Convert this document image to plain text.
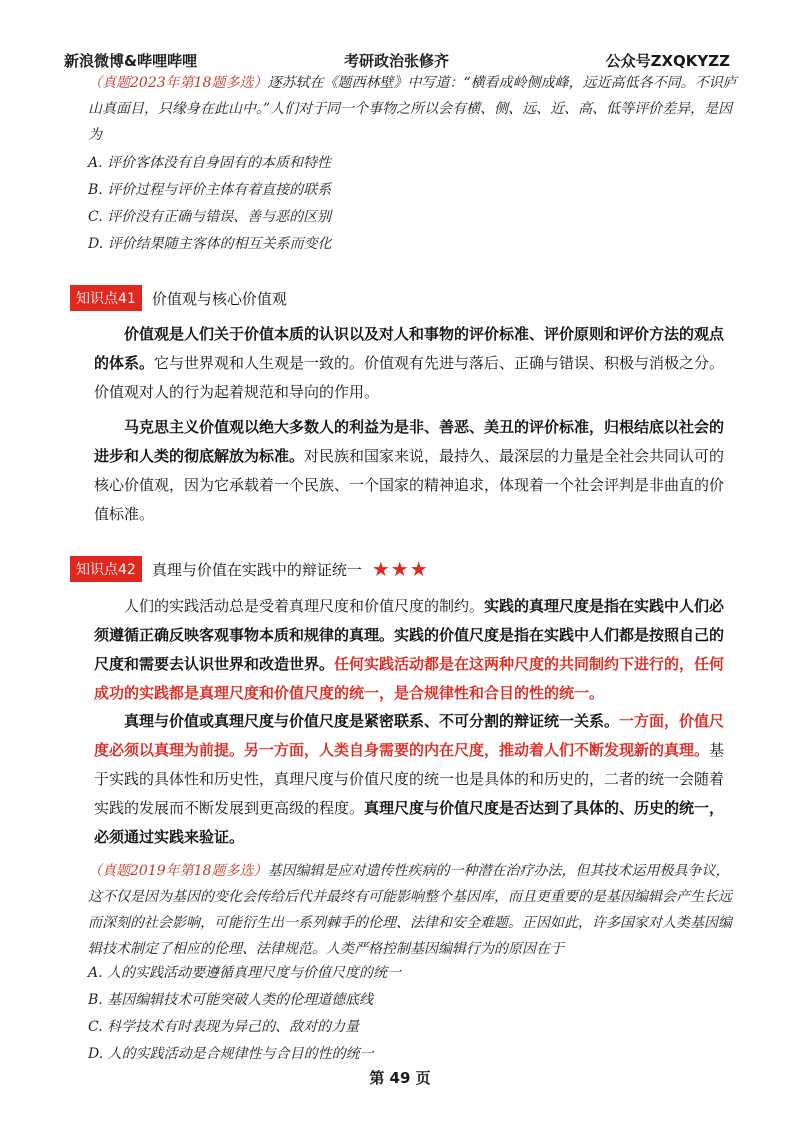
新浪微博&哔哩哔哩	考研政治张修齐	公众号ZXQKYZZ
（真题2023年第18题多选）逐苏轼在《题西林壁》中写道：“横看成岭侧成峰，远近高低各不同。不识庐山真面目，只缘身在此山中。”人们对于同一个事物之所以会有横、侧、远、近、高、低等评价差异，是因为
A. 评价客体没有自身固有的本质和特性
B. 评价过程与评价主体有着直接的联系
C. 评价没有正确与错误、善与恶的区别
D. 评价结果随主客体的相互关系而变化
知识点41	价值观与核心价值观
价值观是人们关于价值本质的认识以及对人和事物的评价标准、评价原则和评价方法的观点的体系。它与世界观和人生观是一致的。价值观有先进与落后、正确与错误、积极与消极之分。价值观对人的行为起着规范和导向的作用。
马克思主义价值观以绝大多数人的利益为是非、善恶、美丑的评价标准，归根结底以社会的进步和人类的彻底解放为标准。对民族和国家来说，最持久、最深层的力量是全社会共同认可的核心价值观，因为它承载着一个民族、一个国家的精神追求，体现着一个社会评判是非曲直的价值标准。
知识点42	真理与价值在实践中的辩证统一 ★★★
人们的实践活动总是受着真理尺度和价值尺度的制约。实践的真理尺度是指在实践中人们必须遵循正确反映客观事物本质和规律的真理。实践的价值尺度是指在实践中人们都是按照自己的尺度和需要去认识世界和改造世界。任何实践活动都是在这两种尺度的共同制约下进行的，任何成功的实践都是真理尺度和价值尺度的统一，是合规律性和合目的性的统一。
真理与价值或真理尺度与价值尺度是紧密联系、不可分割的辩证统一关系。一方面，价值尺度必须以真理为前提。另一方面，人类自身需要的内在尺度，推动着人们不断发现新的真理。基于实践的具体性和历史性，真理尺度与价值尺度的统一也是具体的和历史的，二者的统一会随着实践的发展而不断发展到更高级的程度。真理尺度与价值尺度是否达到了具体的、历史的统一，必须通过实践来验证。
（真题2019年第18题多选）基因编辑是应对遗传性疾病的一种潜在治疗办法，但其技术运用极具争议，这不仅是因为基因的变化会传给后代并最终有可能影响整个基因库，而且更重要的是基因编辑会产生长远而深刻的社会影响，可能衍生出一系列棘手的伦理、法律和安全难题。正因如此，许多国家对人类基因编辑技术制定了相应的伦理、法律规范。人类严格控制基因编辑行为的原因在于
A. 人的实践活动要遵循真理尺度与价值尺度的统一
B. 基因编辑技术可能突破人类的伦理道德底线
C. 科学技术有时表现为异己的、敌对的力量
D. 人的实践活动是合规律性与合目的性的统一
第 49 页
